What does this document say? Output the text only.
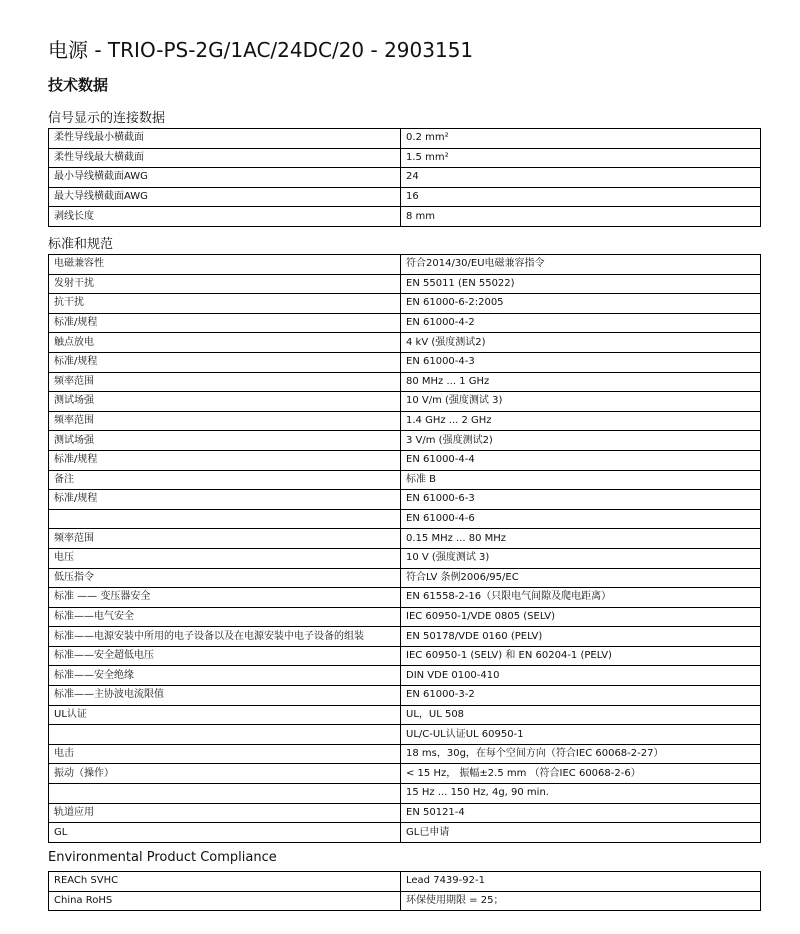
电源 - TRIO-PS-2G/1AC/24DC/20 - 2903151
技术数据
信号显示的连接数据
柔性导线最小横截面	0.2 mm²
柔性导线最大横截面	1.5 mm²
最小导线横截面AWG	24
最大导线横截面AWG	16
剥线长度	8 mm
标准和规范
电磁兼容性	符合2014/30/EU电磁兼容指令
发射干扰	EN 55011 (EN 55022)
抗干扰	EN 61000-6-2:2005
标准/规程	EN 61000-4-2
触点放电	4 kV (强度测试2)
标准/规程	EN 61000-4-3
频率范围	80 MHz ... 1 GHz
测试场强	10 V/m (强度测试 3)
频率范围	1.4 GHz ... 2 GHz
测试场强	3 V/m (强度测试2)
标准/规程	EN 61000-4-4
备注	标准 B
标准/规程	EN 61000-6-3
	EN 61000-4-6
频率范围	0.15 MHz ... 80 MHz
电压	10 V (强度测试 3)
低压指令	符合LV 条例2006/95/EC
标准 —— 变压器安全	EN 61558-2-16（只限电气间隙及爬电距离）
标准——电气安全	IEC 60950-1/VDE 0805 (SELV)
标准——电源安装中所用的电子设备以及在电源安装中电子设备的组装	EN 50178/VDE 0160 (PELV)
标准——安全超低电压	IEC 60950-1 (SELV) 和 EN 60204-1 (PELV)
标准——安全绝缘	DIN VDE 0100-410
标准——主协波电流限值	EN 61000-3-2
UL认证	UL，UL 508
	UL/C-UL认证UL 60950-1
电击	18 ms，30g，在每个空间方向（符合IEC 60068-2-27）
振动（操作）	< 15 Hz， 振幅±2.5 mm （符合IEC 60068-2-6）
	15 Hz ... 150 Hz, 4g, 90 min.
轨道应用	EN 50121-4
GL	GL已申请
Environmental Product Compliance
REACh SVHC	Lead 7439-92-1
China RoHS	环保使用期限 = 25；
